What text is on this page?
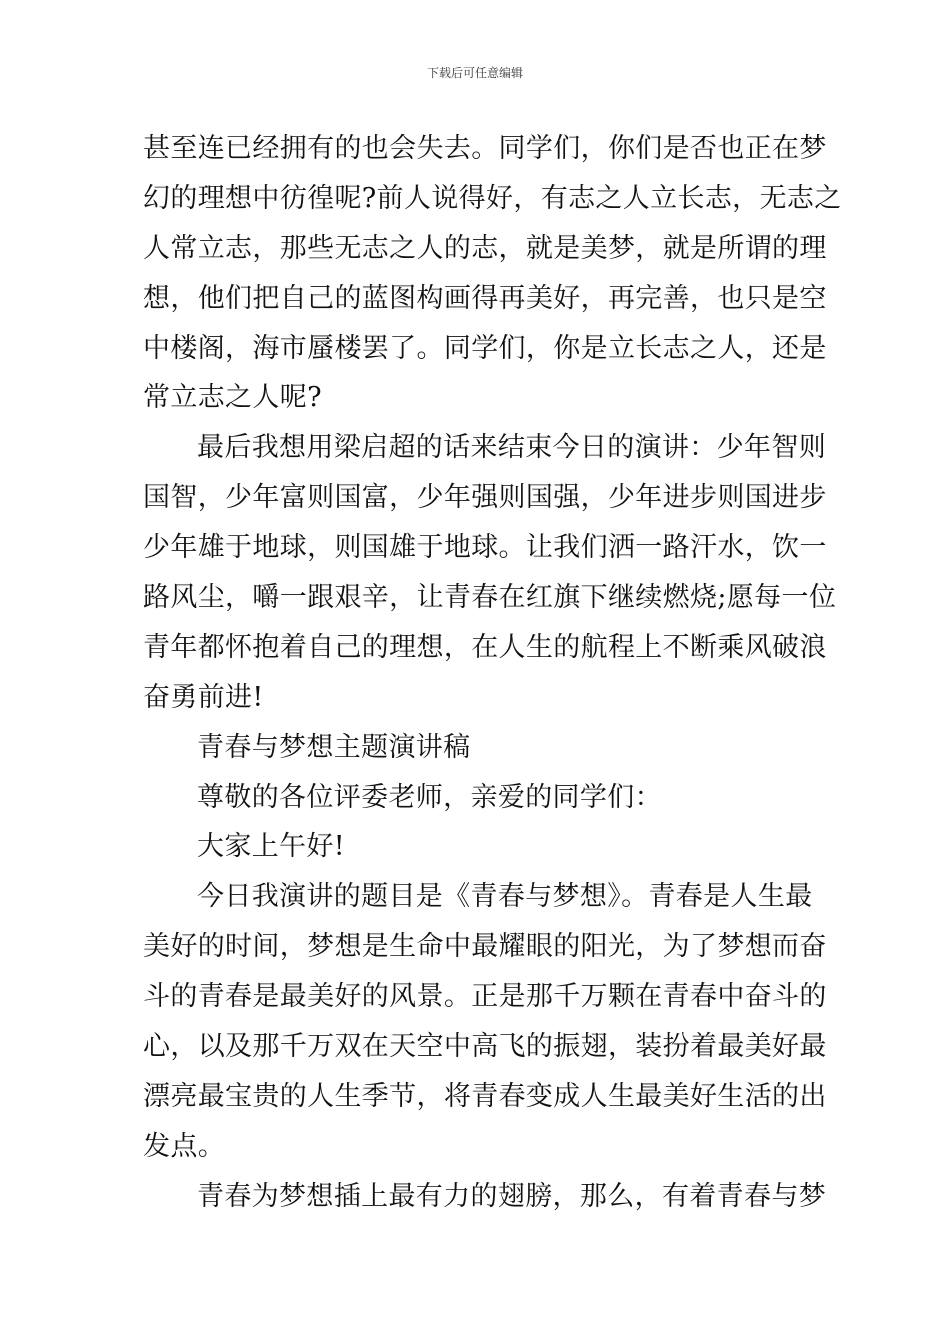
下载后可任意编辑
甚至连已经拥有的也会失去。同学们，你们是否也正在梦
幻的理想中彷徨呢?前人说得好，有志之人立长志，无志之
人常立志，那些无志之人的志，就是美梦，就是所谓的理
想，他们把自己的蓝图构画得再美好，再完善，也只是空
中楼阁，海市蜃楼罢了。同学们，你是立长志之人，还是
常立志之人呢?
最后我想用梁启超的话来结束今日的演讲：少年智则
国智，少年富则国富，少年强则国强，少年进步则国进步
少年雄于地球，则国雄于地球。让我们洒一路汗水，饮一
路风尘，嚼一跟艰辛，让青春在红旗下继续燃烧;愿每一位
青年都怀抱着自己的理想，在人生的航程上不断乘风破浪
奋勇前进!
青春与梦想主题演讲稿
尊敬的各位评委老师，亲爱的同学们：
大家上午好!
今日我演讲的题目是《青春与梦想》。青春是人生最
美好的时间，梦想是生命中最耀眼的阳光，为了梦想而奋
斗的青春是最美好的风景。正是那千万颗在青春中奋斗的
心，以及那千万双在天空中高飞的振翅，装扮着最美好最
漂亮最宝贵的人生季节，将青春变成人生最美好生活的出
发点。
青春为梦想插上最有力的翅膀，那么，有着青春与梦
